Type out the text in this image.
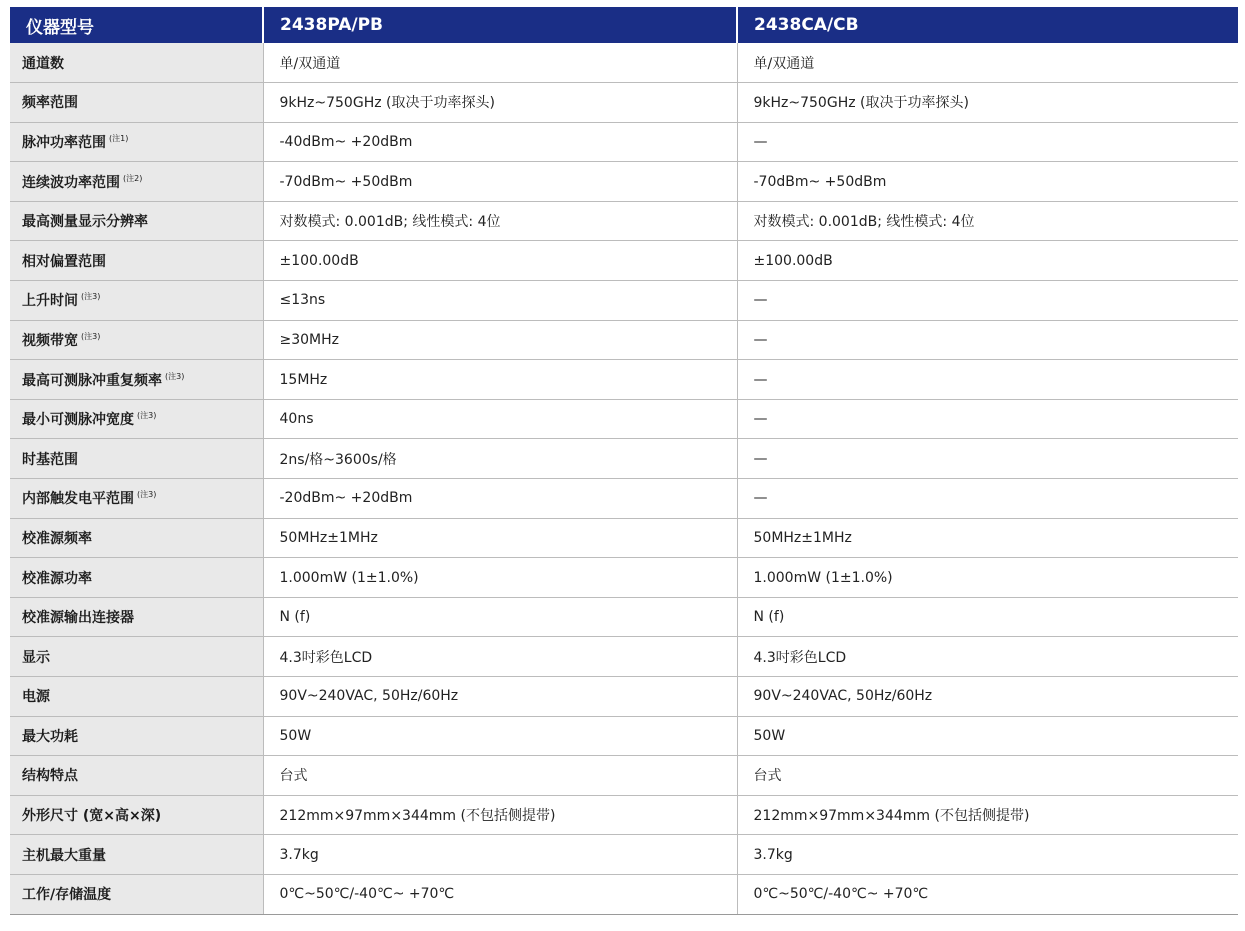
仪器型号	2438PA/PB	2438CA/CB
通道数	单/双通道	单/双通道
频率范围	9kHz~750GHz (取决于功率探头)	9kHz~750GHz (取决于功率探头)
脉冲功率范围 $^{(注1)}$	-40dBm~ +20dBm	—
连续波功率范围 $^{(注2)}$	-70dBm~ +50dBm	-70dBm~ +50dBm
最高测量显示分辨率	对数模式: 0.001dB; 线性模式: 4位	对数模式: 0.001dB; 线性模式: 4位
相对偏置范围	±100.00dB	±100.00dB
上升时间 $^{(注3)}$	≤13ns	—
视频带宽 $^{(注3)}$	≥30MHz	—
最高可测脉冲重复频率 $^{(注3)}$	15MHz	—
最小可测脉冲宽度 $^{(注3)}$	40ns	—
时基范围	2ns/格~3600s/格	—
内部触发电平范围 $^{(注3)}$	-20dBm~ +20dBm	—
校准源频率	50MHz±1MHz	50MHz±1MHz
校准源功率	1.000mW (1±1.0%)	1.000mW (1±1.0%)
校准源输出连接器	N (f)	N (f)
显示	4.3吋彩色LCD	4.3吋彩色LCD
电源	90V~240VAC, 50Hz/60Hz	90V~240VAC, 50Hz/60Hz
最大功耗	50W	50W
结构特点	台式	台式
外形尺寸 (宽×高×深)	212mm×97mm×344mm (不包括侧提带)	212mm×97mm×344mm (不包括侧提带)
主机最大重量	3.7kg	3.7kg
工作/存储温度	0℃~50℃/-40℃~ +70℃	0℃~50℃/-40℃~ +70℃
